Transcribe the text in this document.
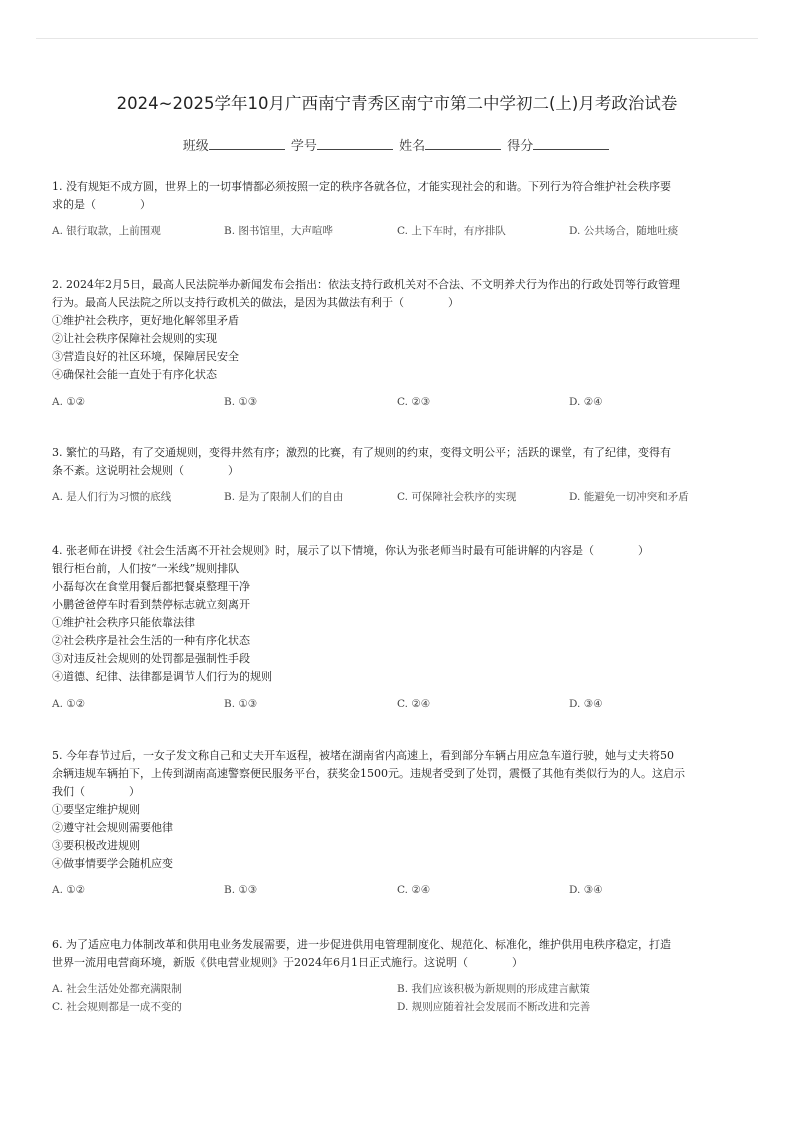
2024~2025学年10月广西南宁青秀区南宁市第二中学初二(上)月考政治试卷
班级	学号	姓名	得分
1. 没有规矩不成方圆，世界上的一切事情都必须按照一定的秩序各就各位，才能实现社会的和谐。下列行为符合维护社会秩序要
求的是（　　　　）
A. 银行取款，上前围观	B. 图书馆里，大声喧哗	C. 上下车时，有序排队	D. 公共场合，随地吐痰
2. 2024年2月5日，最高人民法院举办新闻发布会指出：依法支持行政机关对不合法、不文明养犬行为作出的行政处罚等行政管理
行为。最高人民法院之所以支持行政机关的做法，是因为其做法有利于（　　　　）
①维护社会秩序，更好地化解邻里矛盾
②让社会秩序保障社会规则的实现
③营造良好的社区环境，保障居民安全
④确保社会能一直处于有序化状态
A. ①②	B. ①③	C. ②③	D. ②④
3. 繁忙的马路，有了交通规则，变得井然有序；激烈的比赛，有了规则的约束，变得文明公平；活跃的课堂，有了纪律，变得有
条不紊。这说明社会规则（　　　　）
A. 是人们行为习惯的底线	B. 是为了限制人们的自由	C. 可保障社会秩序的实现	D. 能避免一切冲突和矛盾
4. 张老师在讲授《社会生活离不开社会规则》时，展示了以下情境，你认为张老师当时最有可能讲解的内容是（　　　　）
银行柜台前，人们按“一米线”规则排队
小磊每次在食堂用餐后都把餐桌整理干净
小鹏爸爸停车时看到禁停标志就立刻离开
①维护社会秩序只能依靠法律
②社会秩序是社会生活的一种有序化状态
③对违反社会规则的处罚都是强制性手段
④道德、纪律、法律都是调节人们行为的规则
A. ①②	B. ①③	C. ②④	D. ③④
5. 今年春节过后，一女子发文称自己和丈夫开车返程，被堵在湖南省内高速上，看到部分车辆占用应急车道行驶，她与丈夫将50
余辆违规车辆拍下，上传到湖南高速警察便民服务平台，获奖金1500元。违规者受到了处罚，震慑了其他有类似行为的人。这启示
我们（　　　　）
①要坚定维护规则
②遵守社会规则需要他律
③要积极改进规则
④做事情要学会随机应变
A. ①②	B. ①③	C. ②④	D. ③④
6. 为了适应电力体制改革和供用电业务发展需要，进一步促进供用电管理制度化、规范化、标准化，维护供用电秩序稳定，打造
世界一流用电营商环境，新版《供电营业规则》于2024年6月1日正式施行。这说明（　　　　）
A. 社会生活处处都充满限制	B. 我们应该积极为新规则的形成建言献策
C. 社会规则都是一成不变的	D. 规则应随着社会发展而不断改进和完善
